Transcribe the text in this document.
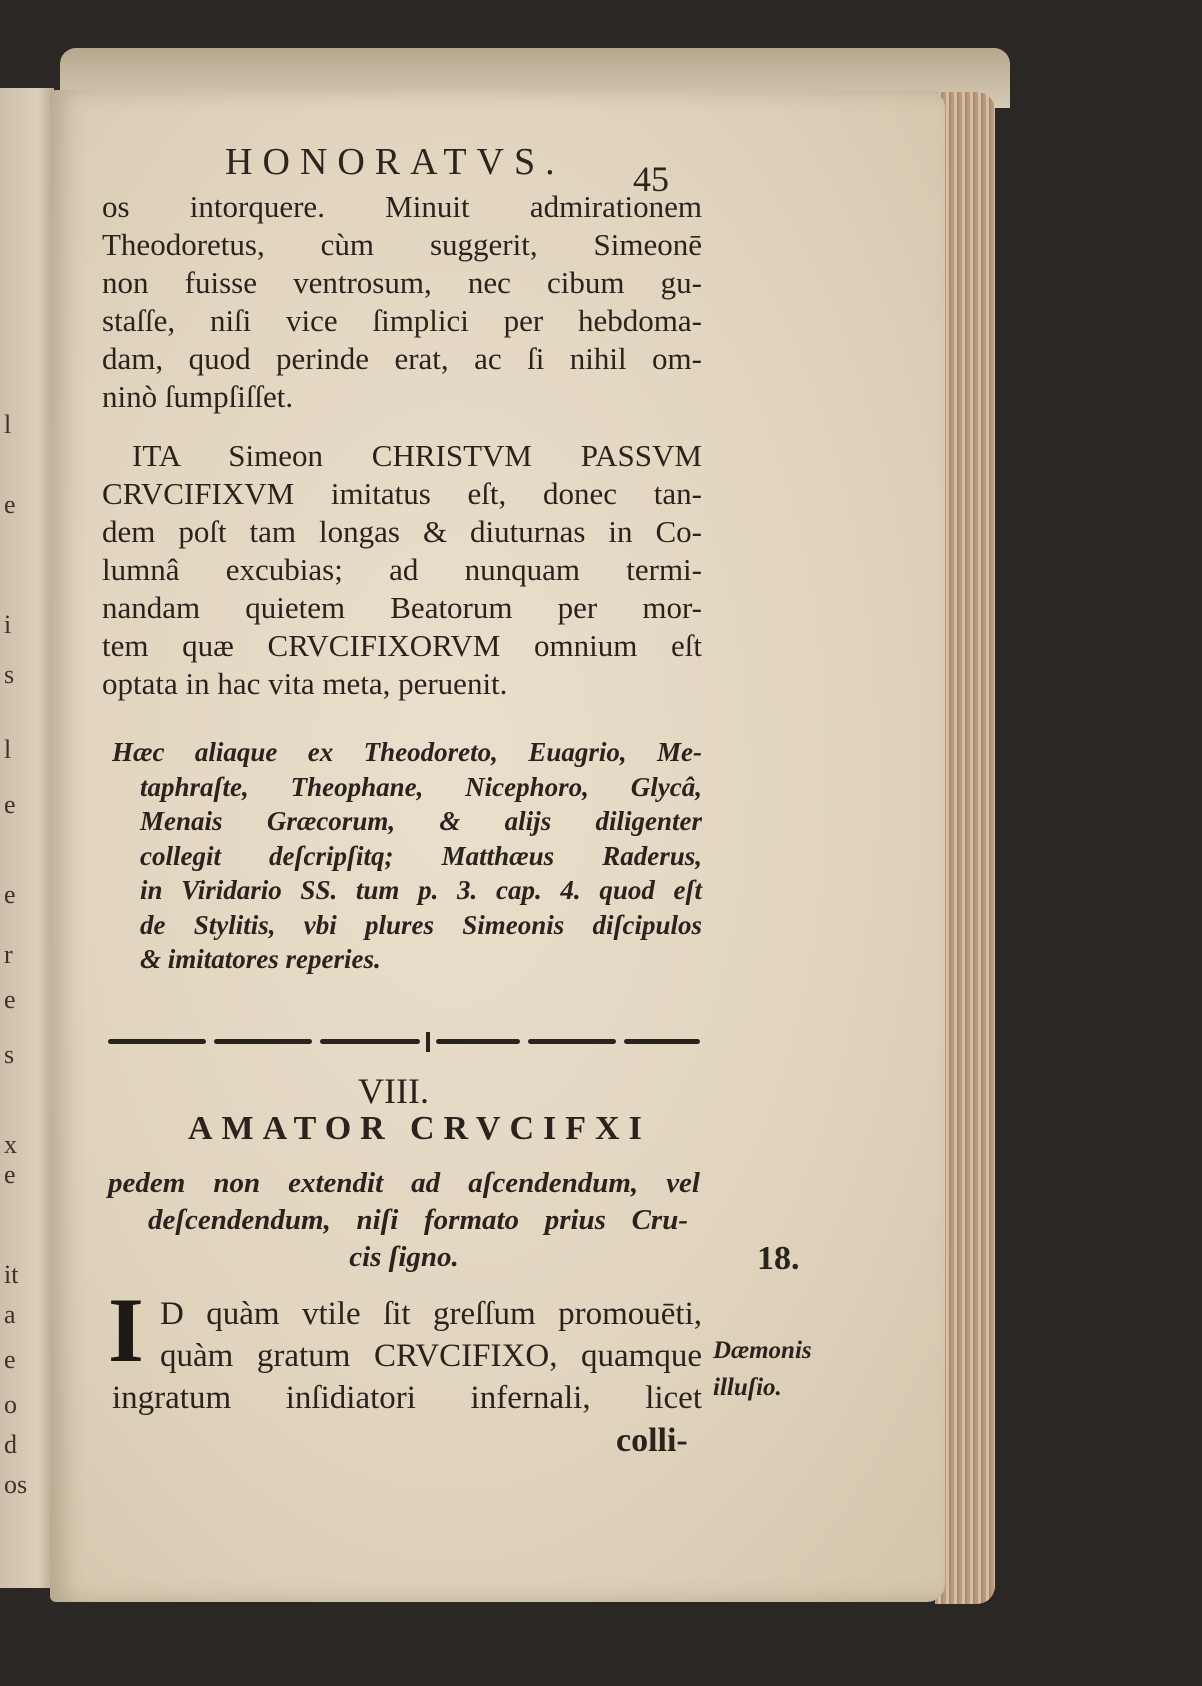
l
e
i
s
l
e
e
r
e
s
x
e
it
a
e
o
d
os
HONORATVS. 45
os intorquere. Minuit admirationem
Theodoretus, cùm suggerit, Simeonē
non fuisse ventrosum, nec cibum gu-
staſſe, niſi vice ſimplici per hebdoma-
dam, quod perinde erat, ac ſi nihil om-
ninò ſumpſiſſet.
ITA Simeon CHRISTVM PASSVM
CRVCIFIXVM imitatus eſt, donec tan-
dem poſt tam longas & diuturnas in Co-
lumnâ excubias; ad nunquam termi-
nandam quietem Beatorum per mor-
tem quæ CRVCIFIXORVM omnium eſt
optata in hac vita meta, peruenit.
Hæc aliaque ex Theodoreto, Euagrio, Me-
taphraſte, Theophane, Nicephoro, Glycâ,
Menais Græcorum, & alijs diligenter
collegit deſcripſitq; Matthæus Raderus,
in Viridario SS. tum p. 3. cap. 4. quod eſt
de Stylitis, vbi plures Simeonis diſcipulos
& imitatores reperies.
VIII.
AMATOR CRVCIFXI
pedem non extendit ad aſcendendum, vel
deſcendendum, niſi formato prius Cru-
cis ſigno.	18.
Dæmonis
illuſio.
I D quàm vtile ſit greſſum promouēti,
quàm gratum CRVCIFIXO, quamque
ingratum inſidiatori infernali, licet
colli-
